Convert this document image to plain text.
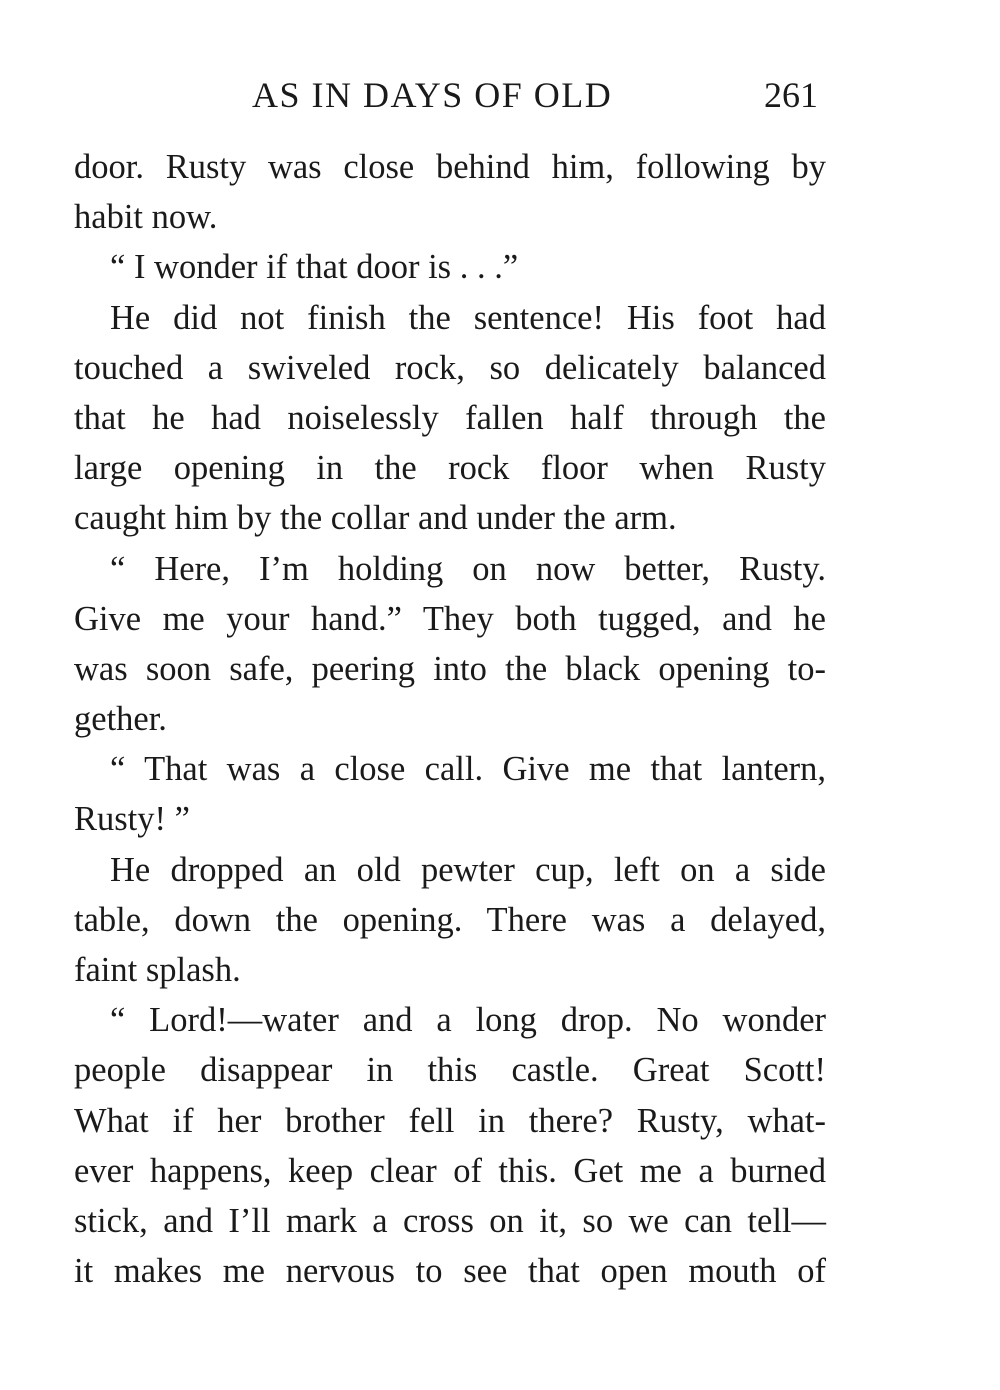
AS IN DAYS OF OLD	261
door. Rusty was close behind him, following by
habit now.
“ I wonder if that door is . . .”
He did not finish the sentence! His foot had
touched a swiveled rock, so delicately balanced
that he had noiselessly fallen half through the
large opening in the rock floor when Rusty
caught him by the collar and under the arm.
“ Here, I’m holding on now better, Rusty.
Give me your hand.” They both tugged, and he
was soon safe, peering into the black opening to-
gether.
“ That was a close call. Give me that lantern,
Rusty! ”
He dropped an old pewter cup, left on a side
table, down the opening. There was a delayed,
faint splash.
“ Lord!—water and a long drop. No wonder
people disappear in this castle. Great Scott!
What if her brother fell in there? Rusty, what-
ever happens, keep clear of this. Get me a burned
stick, and I’ll mark a cross on it, so we can tell—
it makes me nervous to see that open mouth of
